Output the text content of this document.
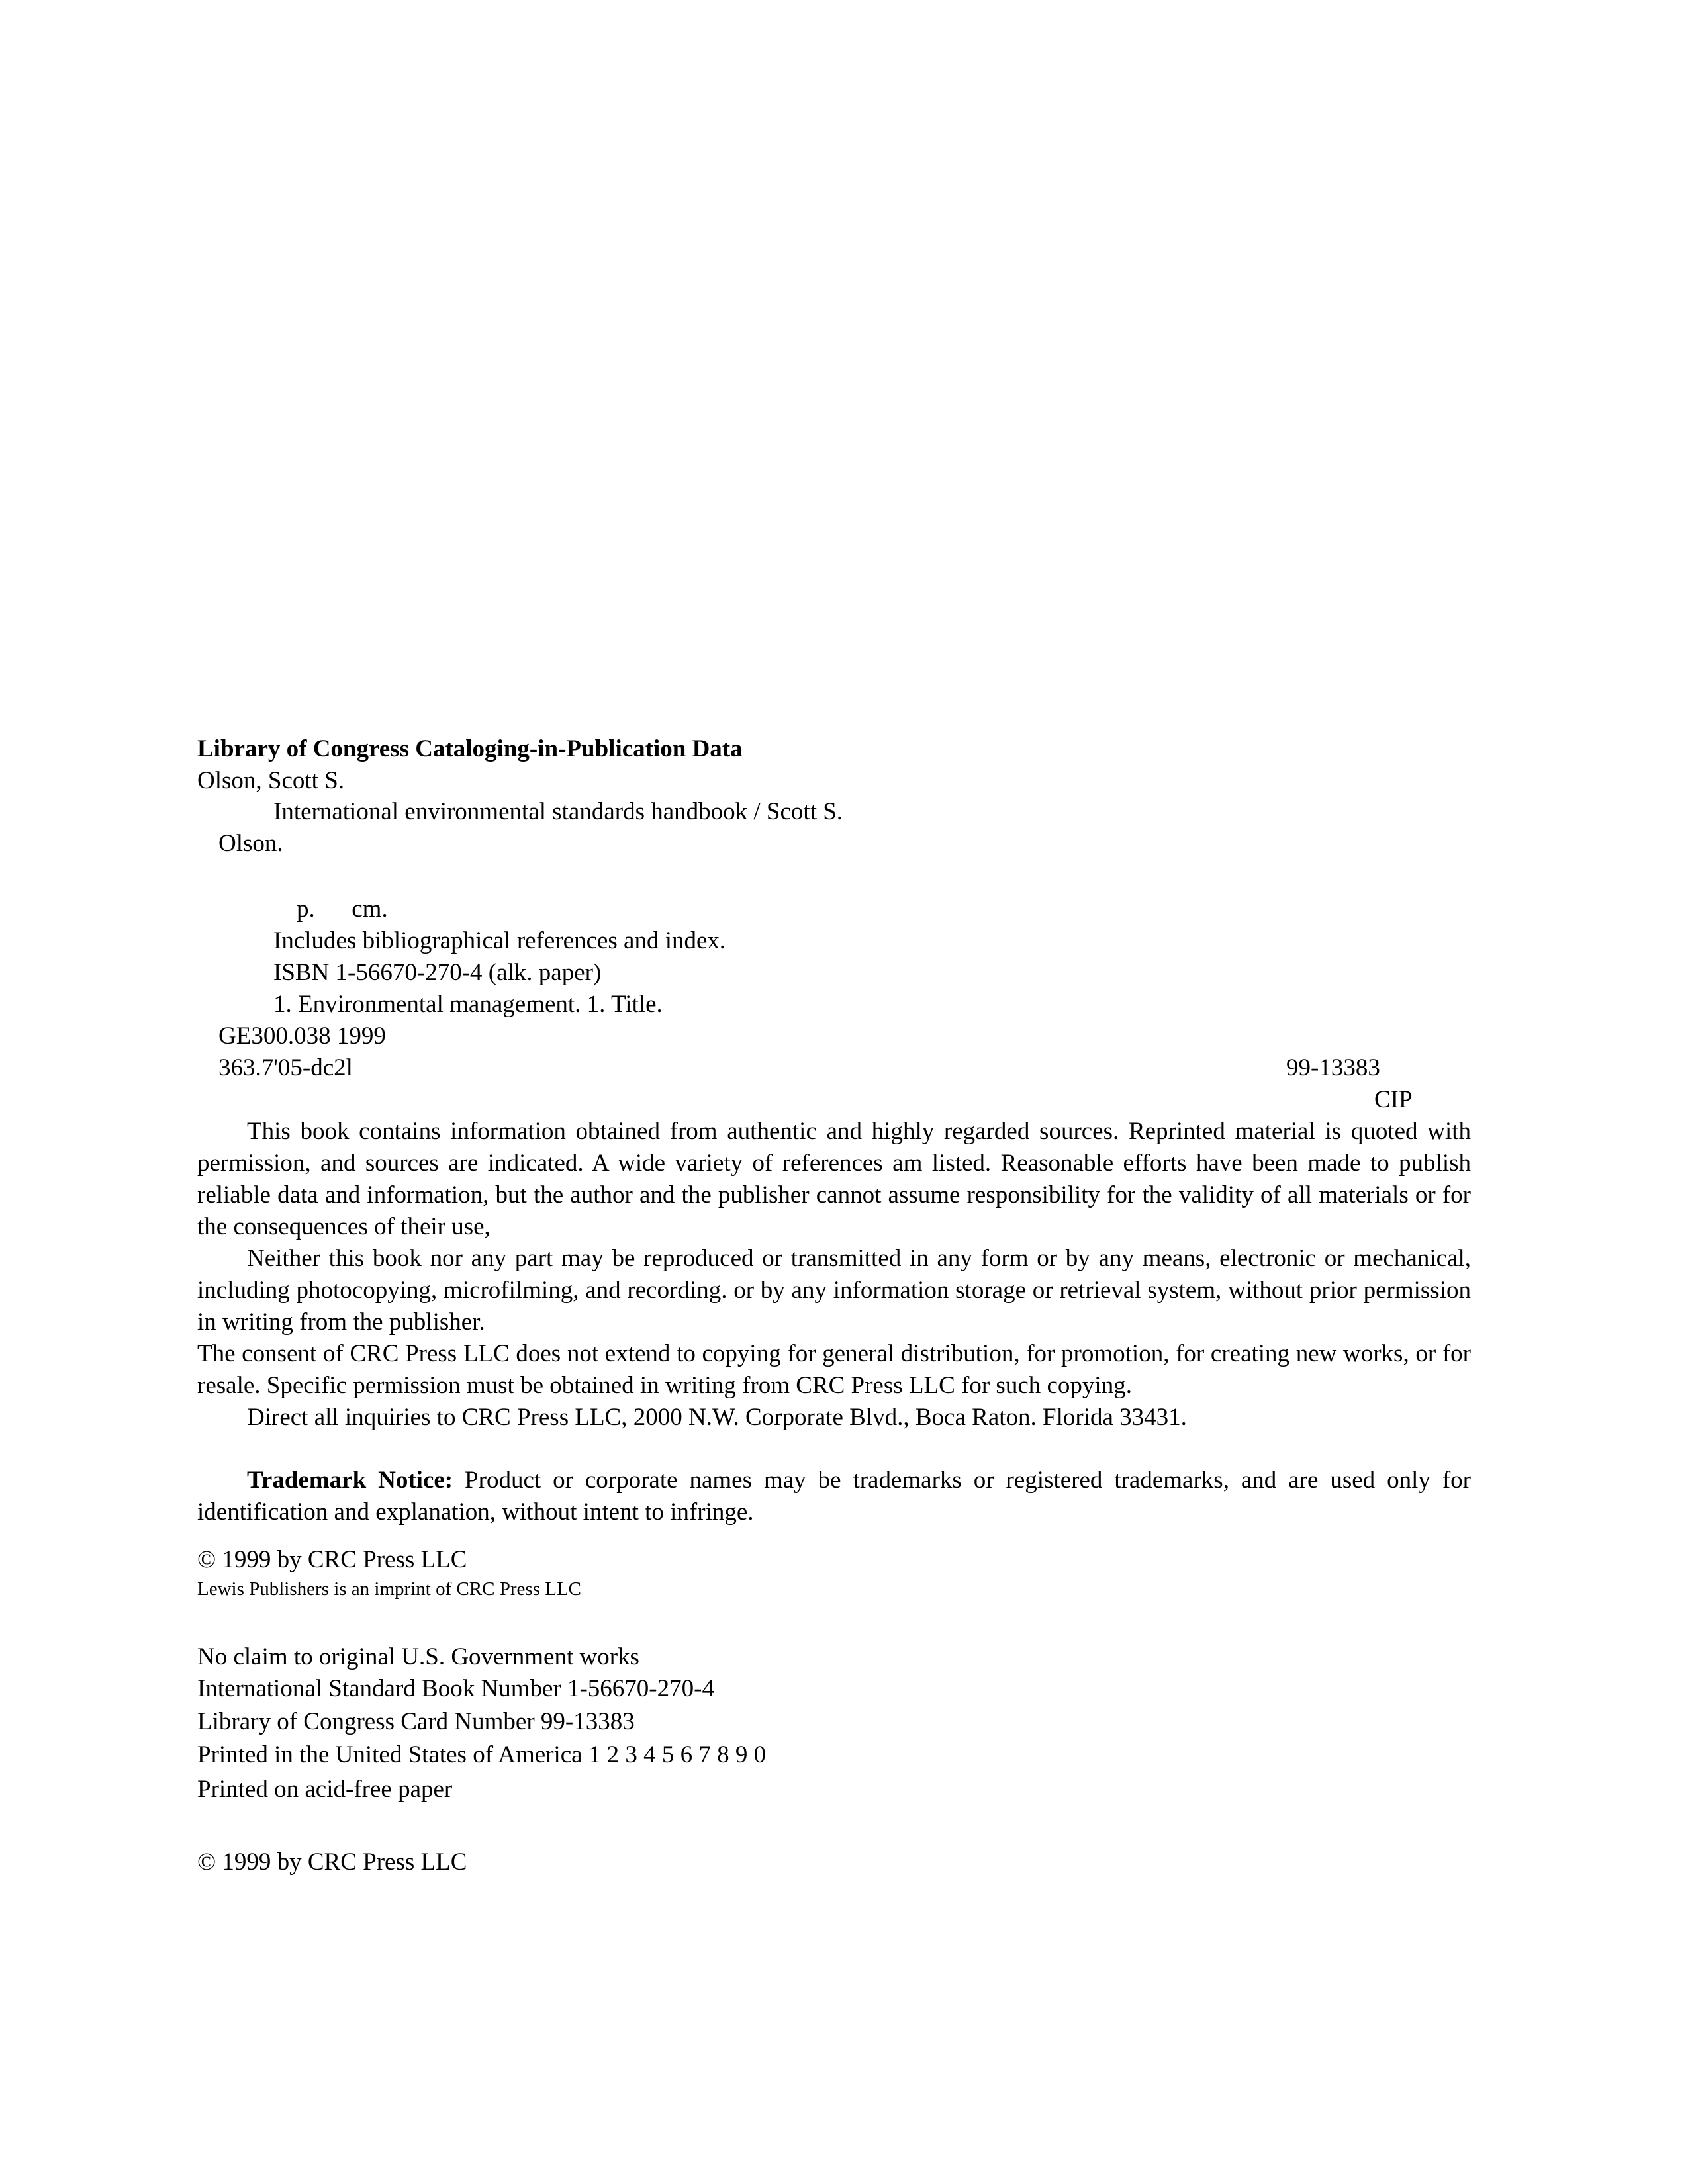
Library of Congress Cataloging-in-Publication Data
Olson, Scott S.
International environmental standards handbook / Scott S.
Olson.
p.      cm.
Includes bibliographical references and index.
ISBN 1-56670-270-4 (alk. paper)
1. Environmental management. 1. Title.
GE300.038 1999
363.7'05-dc2l	99-13383
CIP

This book contains information obtained from authentic and highly regarded sources. Reprinted material is quoted with permission, and sources are indicated. A wide variety of references am listed. Reasonable efforts have been made to publish reliable data and information, but the author and the publisher cannot assume responsibility for the validity of all materials or for the consequences of their use,

Neither this book nor any part may be reproduced or transmitted in any form or by any means, electronic or mechanical, including photocopying, microfilming, and recording. or by any information storage or retrieval system, without prior permission in writing from the publisher.

The consent of CRC Press LLC does not extend to copying for general distribution, for promotion, for creating new works, or for resale. Specific permission must be obtained in writing from CRC Press LLC for such copying.

Direct all inquiries to CRC Press LLC, 2000 N.W. Corporate Blvd., Boca Raton. Florida 33431.

Trademark Notice: Product or corporate names may be trademarks or registered trademarks, and are used only for identification and explanation, without intent to infringe.

© 1999 by CRC Press LLC
Lewis Publishers is an imprint of CRC Press LLC
No claim to original U.S. Government works
International Standard Book Number 1-56670-270-4
Library of Congress Card Number 99-13383
Printed in the United States of America 1 2 3 4 5 6 7 8 9 0
Printed on acid-free paper
© 1999 by CRC Press LLC
